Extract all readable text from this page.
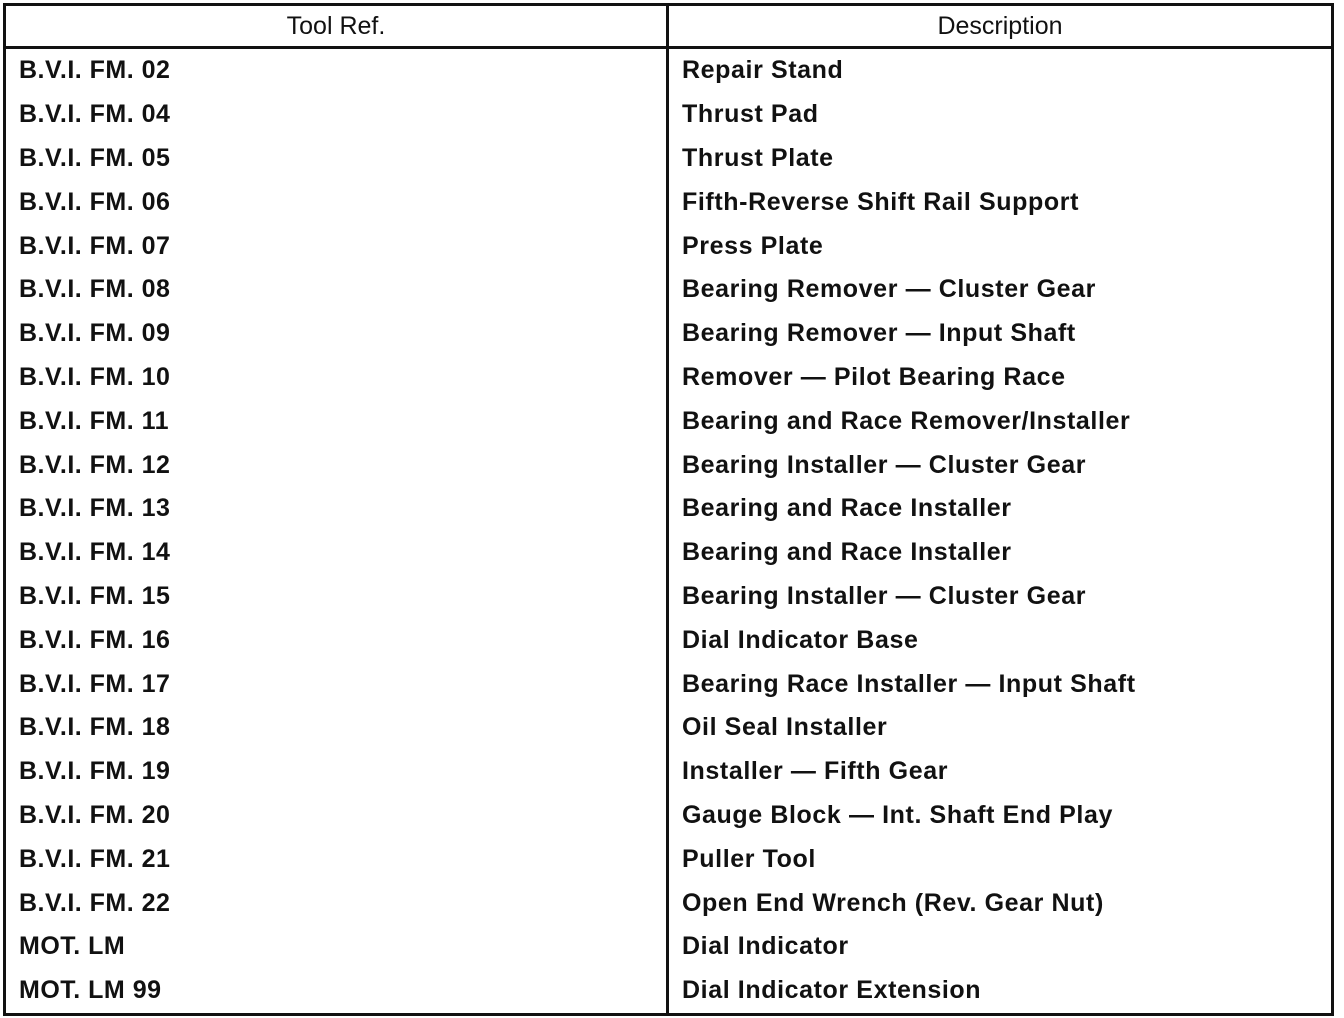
Tool Ref.	Description
B.V.I. FM. 02	Repair Stand
B.V.I. FM. 04	Thrust Pad
B.V.I. FM. 05	Thrust Plate
B.V.I. FM. 06	Fifth-Reverse Shift Rail Support
B.V.I. FM. 07	Press Plate
B.V.I. FM. 08	Bearing Remover — Cluster Gear
B.V.I. FM. 09	Bearing Remover — Input Shaft
B.V.I. FM. 10	Remover — Pilot Bearing Race
B.V.I. FM. 11	Bearing and Race Remover/Installer
B.V.I. FM. 12	Bearing Installer — Cluster Gear
B.V.I. FM. 13	Bearing and Race Installer
B.V.I. FM. 14	Bearing and Race Installer
B.V.I. FM. 15	Bearing Installer — Cluster Gear
B.V.I. FM. 16	Dial Indicator Base
B.V.I. FM. 17	Bearing Race Installer — Input Shaft
B.V.I. FM. 18	Oil Seal Installer
B.V.I. FM. 19	Installer — Fifth Gear
B.V.I. FM. 20	Gauge Block — Int. Shaft End Play
B.V.I. FM. 21	Puller Tool
B.V.I. FM. 22	Open End Wrench (Rev. Gear Nut)
MOT. LM	Dial Indicator
MOT. LM 99	Dial Indicator Extension
